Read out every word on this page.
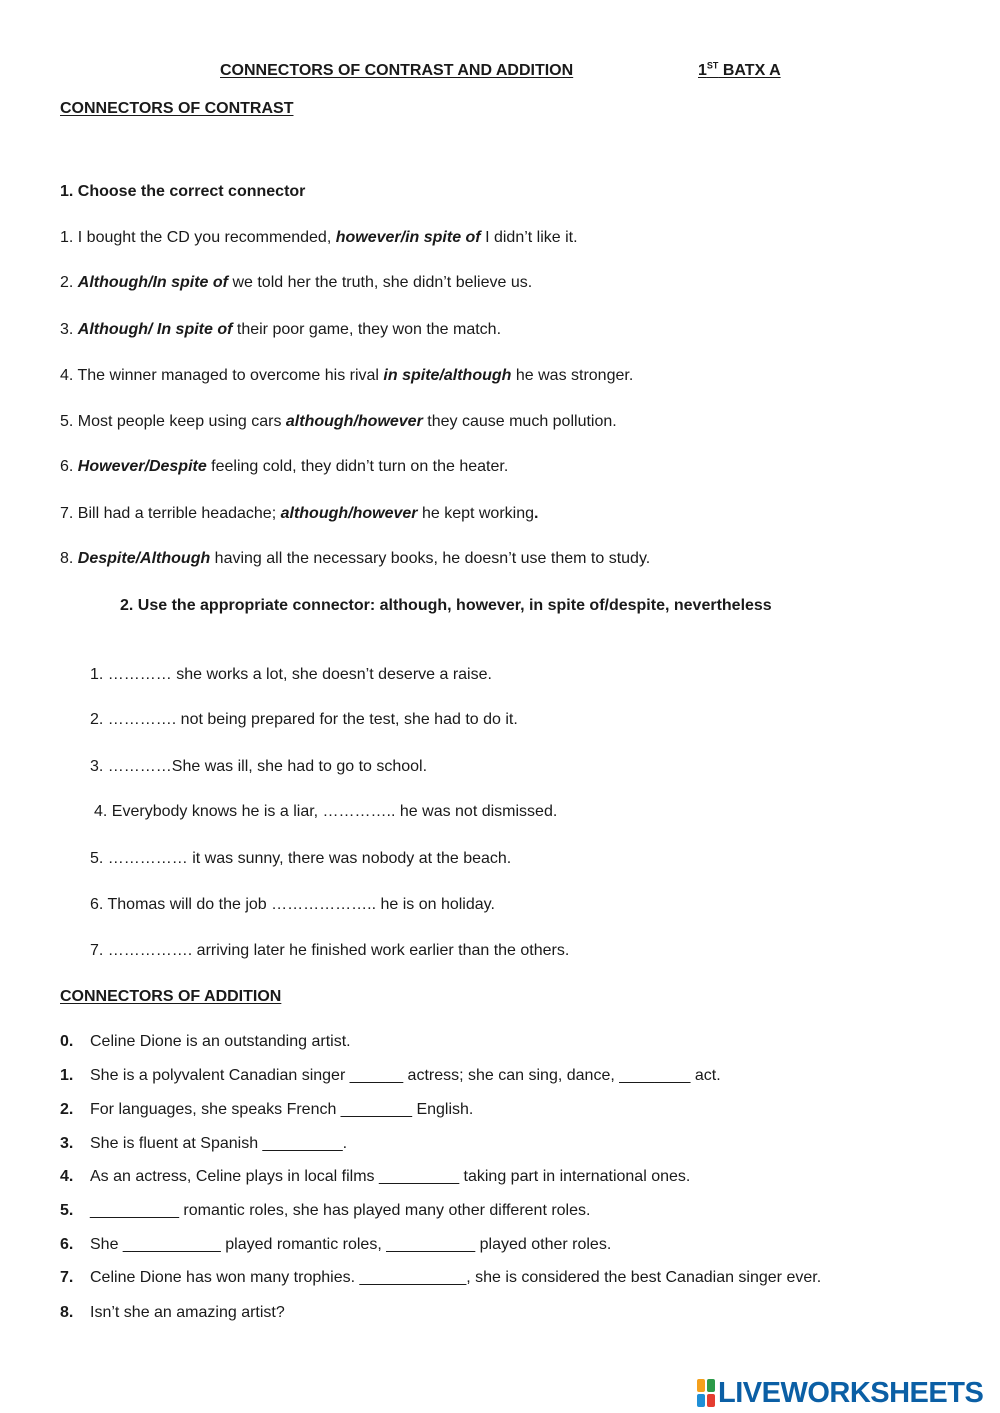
CONNECTORS OF CONTRAST AND ADDITION	1ST BATX A
CONNECTORS OF CONTRAST
1. Choose the correct connector
1. I bought the CD you recommended, however/in spite of I didn’t like it.
2. Although/In spite of we told her the truth, she didn’t believe us.
3. Although/ In spite of their poor game, they won the match.
4. The winner managed to overcome his rival in spite/although he was stronger.
5. Most people keep using cars although/however they cause much pollution.
6. However/Despite feeling cold, they didn’t turn on the heater.
7. Bill had a terrible headache; although/however he kept working.
8. Despite/Although having all the necessary books, he doesn’t use them to study.
2. Use the appropriate connector: although, however, in spite of/despite, nevertheless
1. ………… she works a lot, she doesn’t deserve a raise.
2. …………. not being prepared for the test, she had to do it.
3. …………She was ill, she had to go to school.
4. Everybody knows he is a liar, ………….. he was not dismissed.
5. …………… it was sunny, there was nobody at the beach.
6. Thomas will do the job ……………….. he is on holiday.
7. ……………. arriving later he finished work earlier than the others.
CONNECTORS OF ADDITION
0. Celine Dione is an outstanding artist.
1. She is a polyvalent Canadian singer ______ actress; she can sing, dance, ________ act.
2. For languages, she speaks French ________ English.
3. She is fluent at Spanish _________.
4. As an actress, Celine plays in local films _________ taking part in international ones.
5. __________ romantic roles, she has played many other different roles.
6. She ___________ played romantic roles, __________ played other roles.
7. Celine Dione has won many trophies. ____________, she is considered the best Canadian singer ever.
8. Isn’t she an amazing artist?
LIVEWORKSHEETS
